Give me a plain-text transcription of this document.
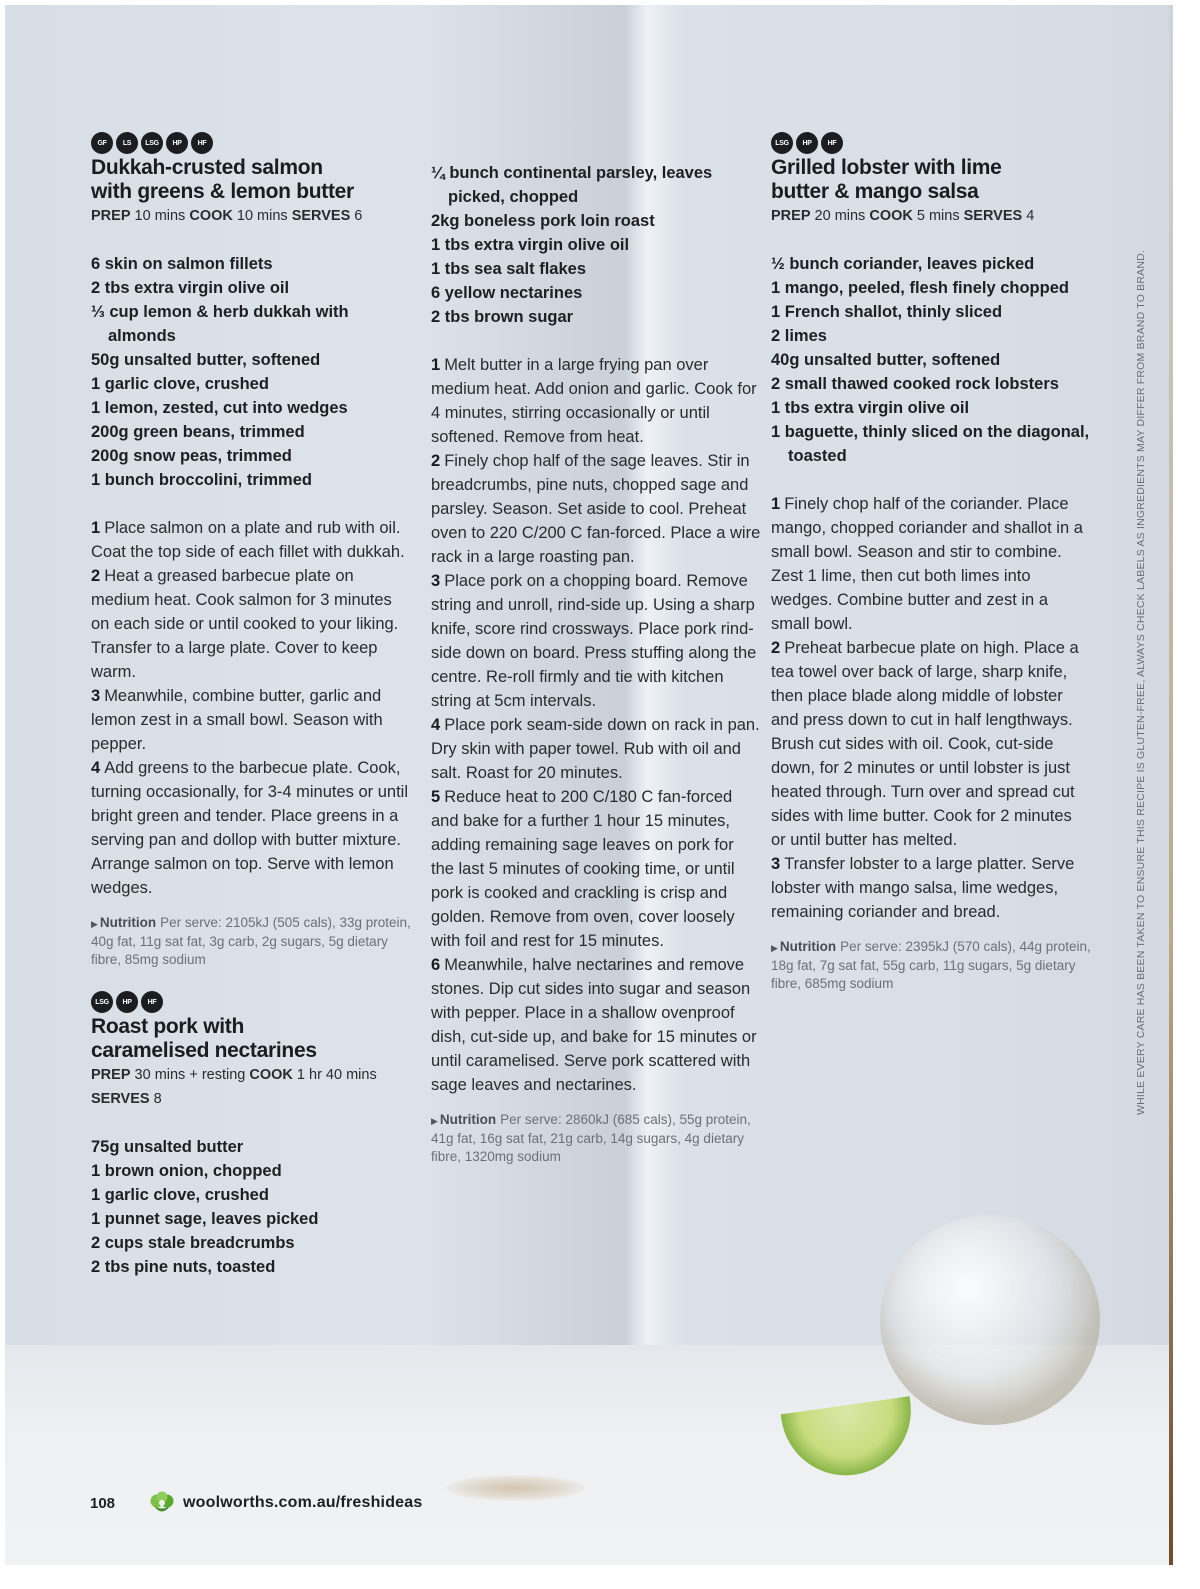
GF	LS	LSG	HP	HF
Dukkah-crusted salmon
with greens & lemon butter
PREP 10 mins COOK 10 mins SERVES 6
6 skin on salmon fillets
2 tbs extra virgin olive oil
⅓ cup lemon & herb dukkah with almonds
50g unsalted butter, softened
1 garlic clove, crushed
1 lemon, zested, cut into wedges
200g green beans, trimmed
200g snow peas, trimmed
1 bunch broccolini, trimmed

1 Place salmon on a plate and rub with oil. Coat the top side of each fillet with dukkah.

2 Heat a greased barbecue plate on medium heat. Cook salmon for 3 minutes on each side or until cooked to your liking. Transfer to a large plate. Cover to keep warm.

3 Meanwhile, combine butter, garlic and lemon zest in a small bowl. Season with pepper.

4 Add greens to the barbecue plate. Cook, turning occasionally, for 3-4 minutes or until bright green and tender. Place greens in a serving pan and dollop with butter mixture. Arrange salmon on top. Serve with lemon wedges.

▶ Nutrition Per serve: 2105kJ (505 cals), 33g protein, 40g fat, 11g sat fat, 3g carb, 2g sugars, 5g dietary fibre, 85mg sodium
LSG	HP	HF
Roast pork with
caramelised nectarines
PREP 30 mins + resting COOK 1 hr 40 mins
SERVES 8
75g unsalted butter
1 brown onion, chopped
1 garlic clove, crushed
1 punnet sage, leaves picked
2 cups stale breadcrumbs
2 tbs pine nuts, toasted
¼ bunch continental parsley, leaves picked, chopped
2kg boneless pork loin roast
1 tbs extra virgin olive oil
1 tbs sea salt flakes
6 yellow nectarines
2 tbs brown sugar

1 Melt butter in a large frying pan over medium heat. Add onion and garlic. Cook for 4 minutes, stirring occasionally or until softened. Remove from heat.

2 Finely chop half of the sage leaves. Stir in breadcrumbs, pine nuts, chopped sage and parsley. Season. Set aside to cool. Preheat oven to 220 C/200 C fan-forced. Place a wire rack in a large roasting pan.

3 Place pork on a chopping board. Remove string and unroll, rind-side up. Using a sharp knife, score rind crossways. Place pork rind-side down on board. Press stuffing along the centre. Re-roll firmly and tie with kitchen string at 5cm intervals.

4 Place pork seam-side down on rack in pan. Dry skin with paper towel. Rub with oil and salt. Roast for 20 minutes.

5 Reduce heat to 200 C/180 C fan-forced and bake for a further 1 hour 15 minutes, adding remaining sage leaves on pork for the last 5 minutes of cooking time, or until pork is cooked and crackling is crisp and golden. Remove from oven, cover loosely with foil and rest for 15 minutes.

6 Meanwhile, halve nectarines and remove stones. Dip cut sides into sugar and season with pepper. Place in a shallow ovenproof dish, cut-side up, and bake for 15 minutes or until caramelised. Serve pork scattered with sage leaves and nectarines.

▶ Nutrition Per serve: 2860kJ (685 cals), 55g protein, 41g fat, 16g sat fat, 21g carb, 14g sugars, 4g dietary fibre, 1320mg sodium
LSG	HP	HF
Grilled lobster with lime
butter & mango salsa
PREP 20 mins COOK 5 mins SERVES 4
½ bunch coriander, leaves picked
1 mango, peeled, flesh finely chopped
1 French shallot, thinly sliced
2 limes
40g unsalted butter, softened
2 small thawed cooked rock lobsters
1 tbs extra virgin olive oil
1 baguette, thinly sliced on the diagonal, toasted

1 Finely chop half of the coriander. Place mango, chopped coriander and shallot in a small bowl. Season and stir to combine. Zest 1 lime, then cut both limes into wedges. Combine butter and zest in a small bowl.

2 Preheat barbecue plate on high. Place a tea towel over back of large, sharp knife, then place blade along middle of lobster and press down to cut in half lengthways. Brush cut sides with oil. Cook, cut-side down, for 2 minutes or until lobster is just heated through. Turn over and spread cut sides with lime butter. Cook for 2 minutes or until butter has melted.

3 Transfer lobster to a large platter. Serve lobster with mango salsa, lime wedges, remaining coriander and bread.

▶ Nutrition Per serve: 2395kJ (570 cals), 44g protein, 18g fat, 7g sat fat, 55g carb, 11g sugars, 5g dietary fibre, 685mg sodium	WHILE EVERY CARE HAS BEEN TAKEN TO ENSURE THIS RECIPE IS GLUTEN-FREE, ALWAYS CHECK LABELS AS INGREDIENTS MAY DIFFER FROM BRAND TO BRAND.
108	woolworths.com.au/freshideas
